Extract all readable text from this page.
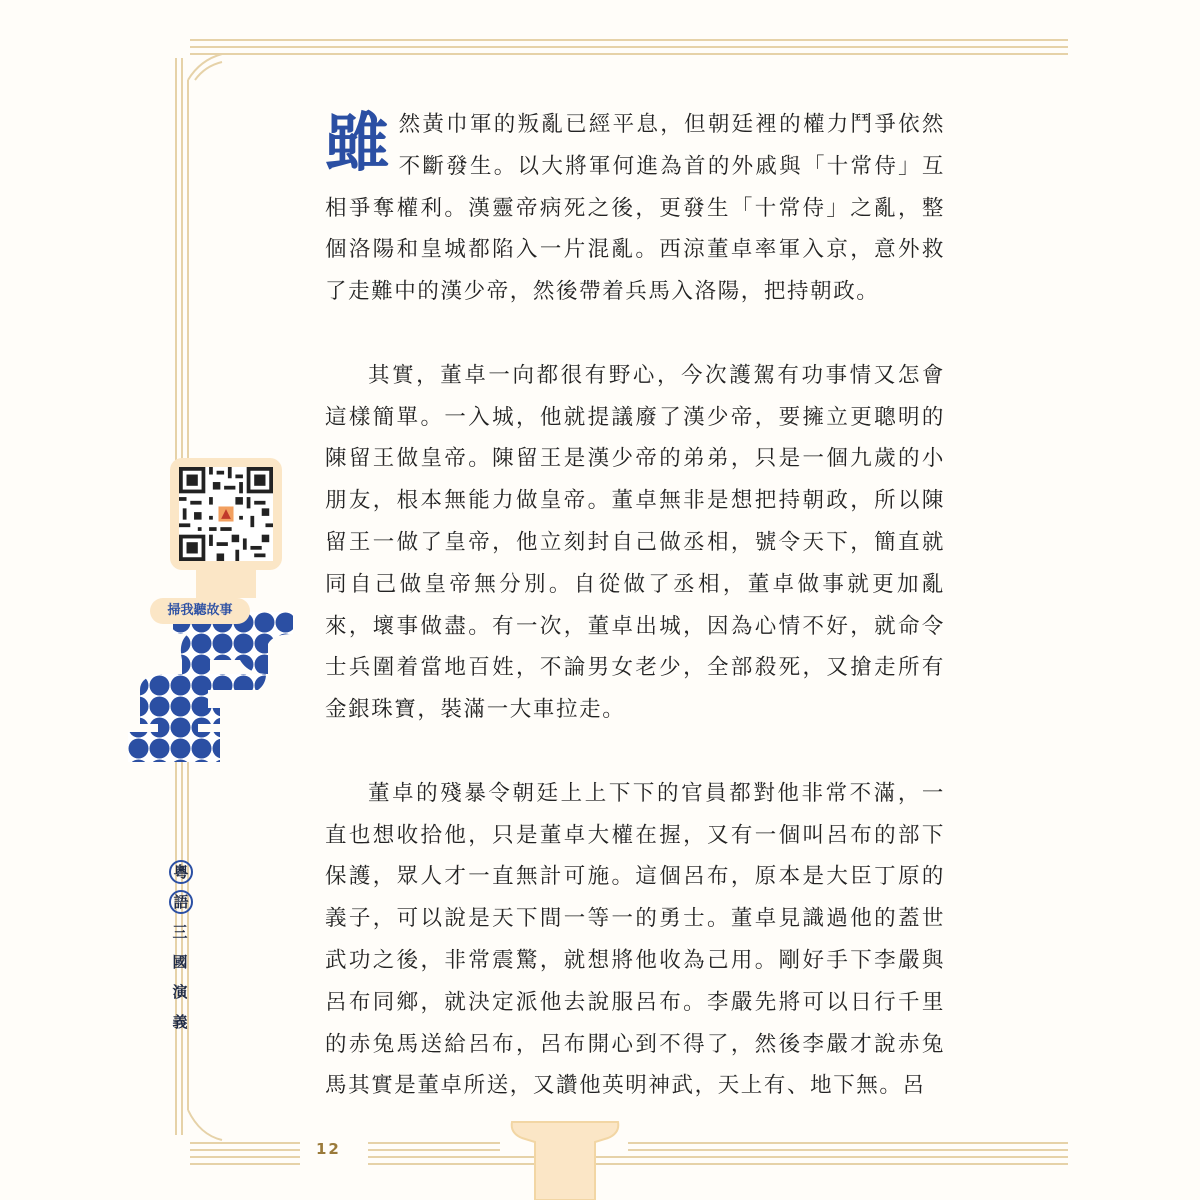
掃我聽故事
粵
語
三
國
演
義

雖然黃巾軍的叛亂已經平息，但朝廷裡的權力鬥爭依然不斷發生。以大將軍何進為首的外戚與「十常侍」互相爭奪權利。漢靈帝病死之後，更發生「十常侍」之亂，整個洛陽和皇城都陷入一片混亂。西涼董卓率軍入京，意外救了走難中的漢少帝，然後帶着兵馬入洛陽，把持朝政。

其實，董卓一向都很有野心，今次護駕有功事情又怎會這樣簡單。一入城，他就提議廢了漢少帝，要擁立更聰明的陳留王做皇帝。陳留王是漢少帝的弟弟，只是一個九歲的小朋友，根本無能力做皇帝。董卓無非是想把持朝政，所以陳留王一做了皇帝，他立刻封自己做丞相，號令天下，簡直就同自己做皇帝無分別。自從做了丞相，董卓做事就更加亂來，壞事做盡。有一次，董卓出城，因為心情不好，就命令士兵圍着當地百姓，不論男女老少，全部殺死，又搶走所有金銀珠寶，裝滿一大車拉走。

董卓的殘暴令朝廷上上下下的官員都對他非常不滿，一直也想收拾他，只是董卓大權在握，又有一個叫呂布的部下保護，眾人才一直無計可施。這個呂布，原本是大臣丁原的義子，可以說是天下間一等一的勇士。董卓見識過他的蓋世武功之後，非常震驚，就想將他收為己用。剛好手下李嚴與呂布同鄉，就決定派他去說服呂布。李嚴先將可以日行千里的赤兔馬送給呂布，呂布開心到不得了，然後李嚴才說赤兔馬其實是董卓所送，又讚他英明神武，天上有、地下無。呂

12
